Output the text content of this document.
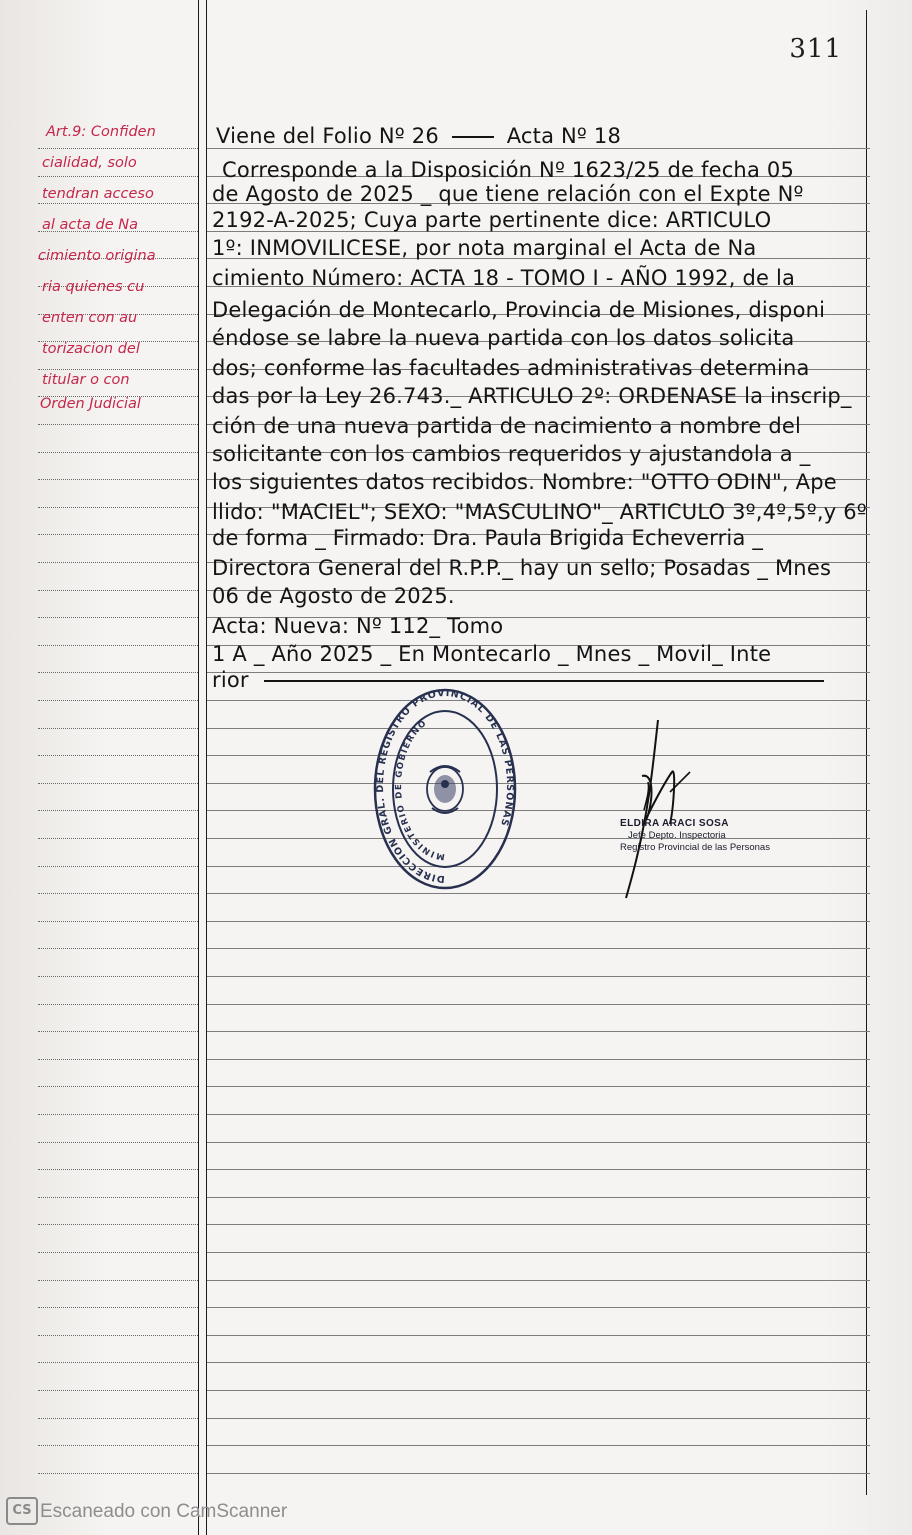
311
Art.9: Confiden
cialidad, solo
tendran acceso
al acta de Na
cimiento origina
ria quienes cu
enten con au
torizacion del
titular o con
Orden Judicial
Viene del Folio Nº 26	Acta Nº 18
Corresponde a la Disposición Nº 1623/25 de fecha 05
de Agosto de 2025 _ que tiene relación con el Expte Nº
2192-A-2025; Cuya parte pertinente dice: ARTICULO
1º: INMOVILICESE, por nota marginal el Acta de Na
cimiento Número: ACTA 18 - TOMO I - AÑO 1992, de la
Delegación de Montecarlo, Provincia de Misiones, disponi
éndose se labre la nueva partida con los datos solicita
dos; conforme las facultades administrativas determina
das por la Ley 26.743._ ARTICULO 2º: ORDENASE la inscrip_
ción de una nueva partida de nacimiento a nombre del
solicitante con los cambios requeridos y ajustandola a _
los siguientes datos recibidos. Nombre: "OTTO ODIN", Ape
llido: "MACIEL"; SEXO: "MASCULINO"_ ARTICULO 3º,4º,5º,y 6º
de forma _ Firmado: Dra. Paula Brigida Echeverria _
Directora General del R.P.P._ hay un sello; Posadas _ Mnes
06 de Agosto de 2025.
Acta: Nueva: Nº 112_ Tomo
1 A _ Año 2025 _ En Montecarlo _ Mnes _ Movil_ Inte
rior
DIRECCION GRAL. DEL REGISTRO PROVINCIAL DE LAS PERSONAS
MINISTERIO DE GOBIERNO
ELDIRA ARACI SOSA
Jefe Depto. Inspectoria
Registro Provincial de las Personas
CS Escaneado con CamScanner
